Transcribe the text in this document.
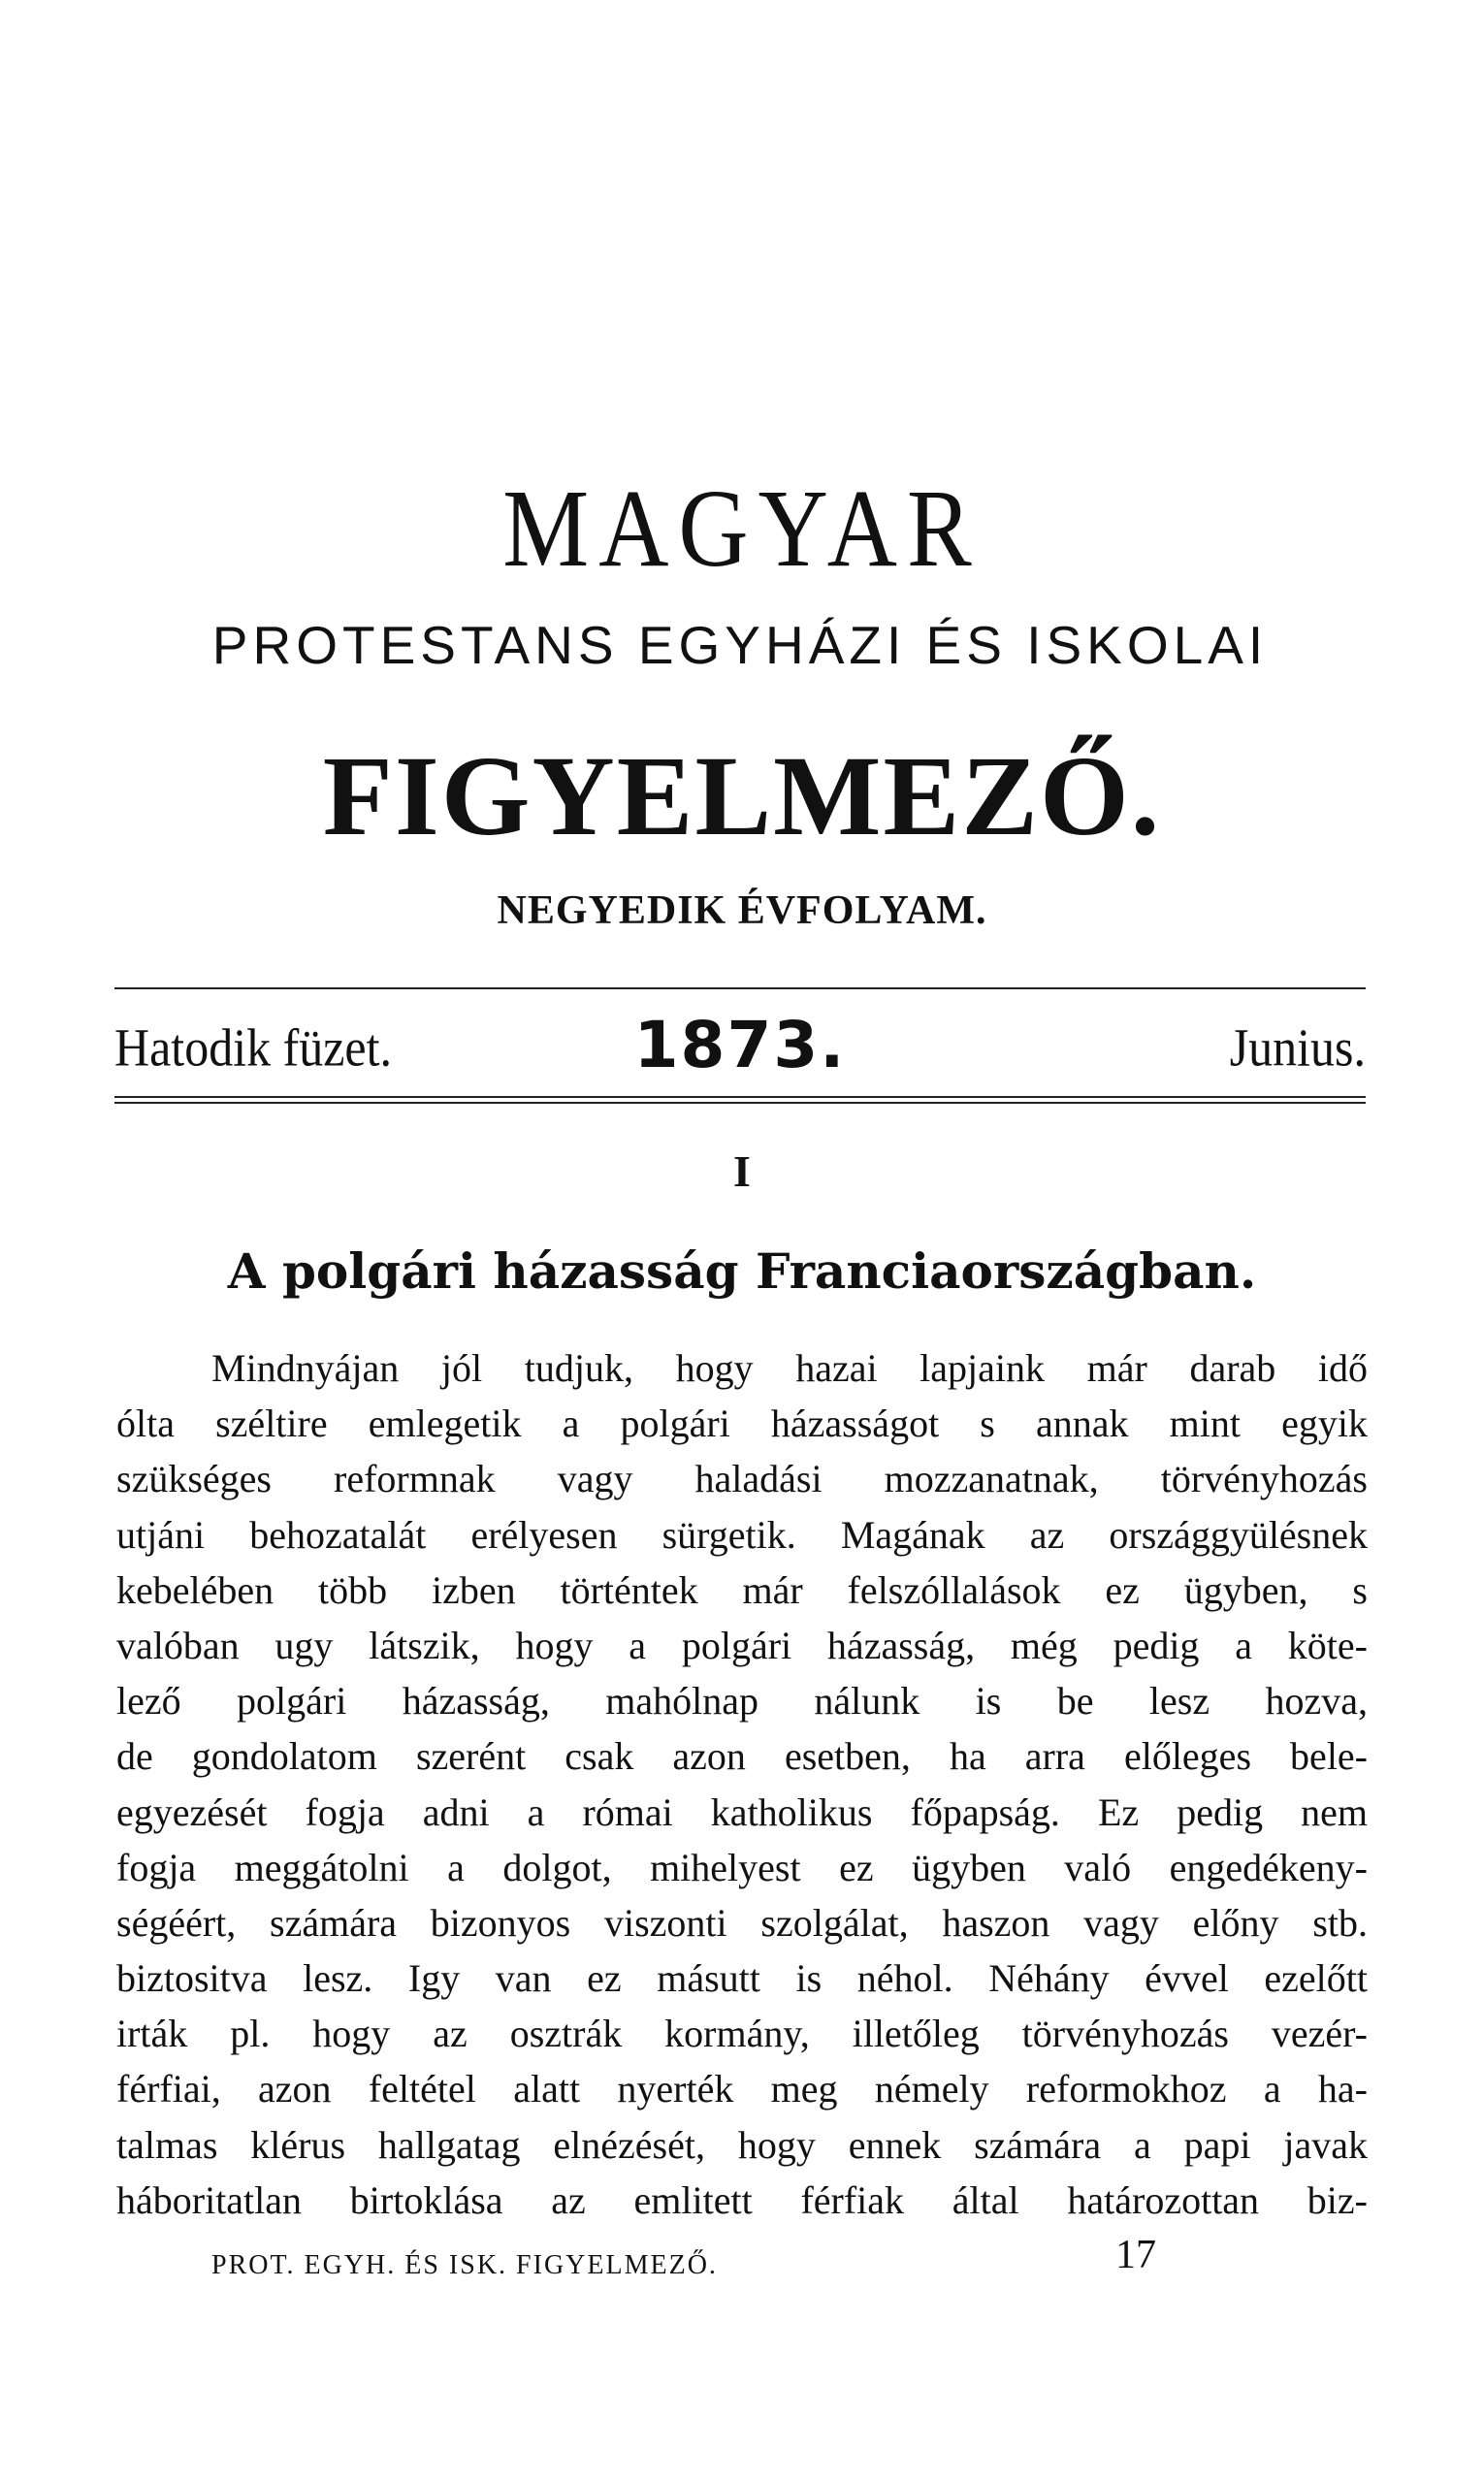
MAGYAR
PROTESTANS EGYHÁZI ÉS ISKOLAI
FIGYELMEZŐ.
NEGYEDIK ÉVFOLYAM.
Hatodik füzet.	1873.	Junius.
I
A polgári házasság Franciaországban.
Mindnyájan jól tudjuk, hogy hazai lapjaink már darab idő
ólta széltire emlegetik a polgári házasságot s annak mint egyik
szükséges reformnak vagy haladási mozzanatnak, törvényhozás
utjáni behozatalát erélyesen sürgetik. Magának az országgyülésnek
kebelében több izben történtek már felszóllalások ez ügyben, s
valóban ugy látszik, hogy a polgári házasság, még pedig a köte-
lező polgári házasság, mahólnap nálunk is be lesz hozva,
de gondolatom szerént csak azon esetben, ha arra előleges bele-
egyezését fogja adni a római katholikus főpapság. Ez pedig nem
fogja meggátolni a dolgot, mihelyest ez ügyben való engedékeny-
ségéért, számára bizonyos viszonti szolgálat, haszon vagy előny stb.
biztositva lesz. Igy van ez másutt is néhol. Néhány évvel ezelőtt
irták pl. hogy az osztrák kormány, illetőleg törvényhozás vezér-
férfiai, azon feltétel alatt nyerték meg némely reformokhoz a ha-
talmas klérus hallgatag elnézését, hogy ennek számára a papi javak
háboritatlan birtoklása az emlitett férfiak által határozottan biz-
PROT. EGYH. ÉS ISK. FIGYELMEZŐ.	17
